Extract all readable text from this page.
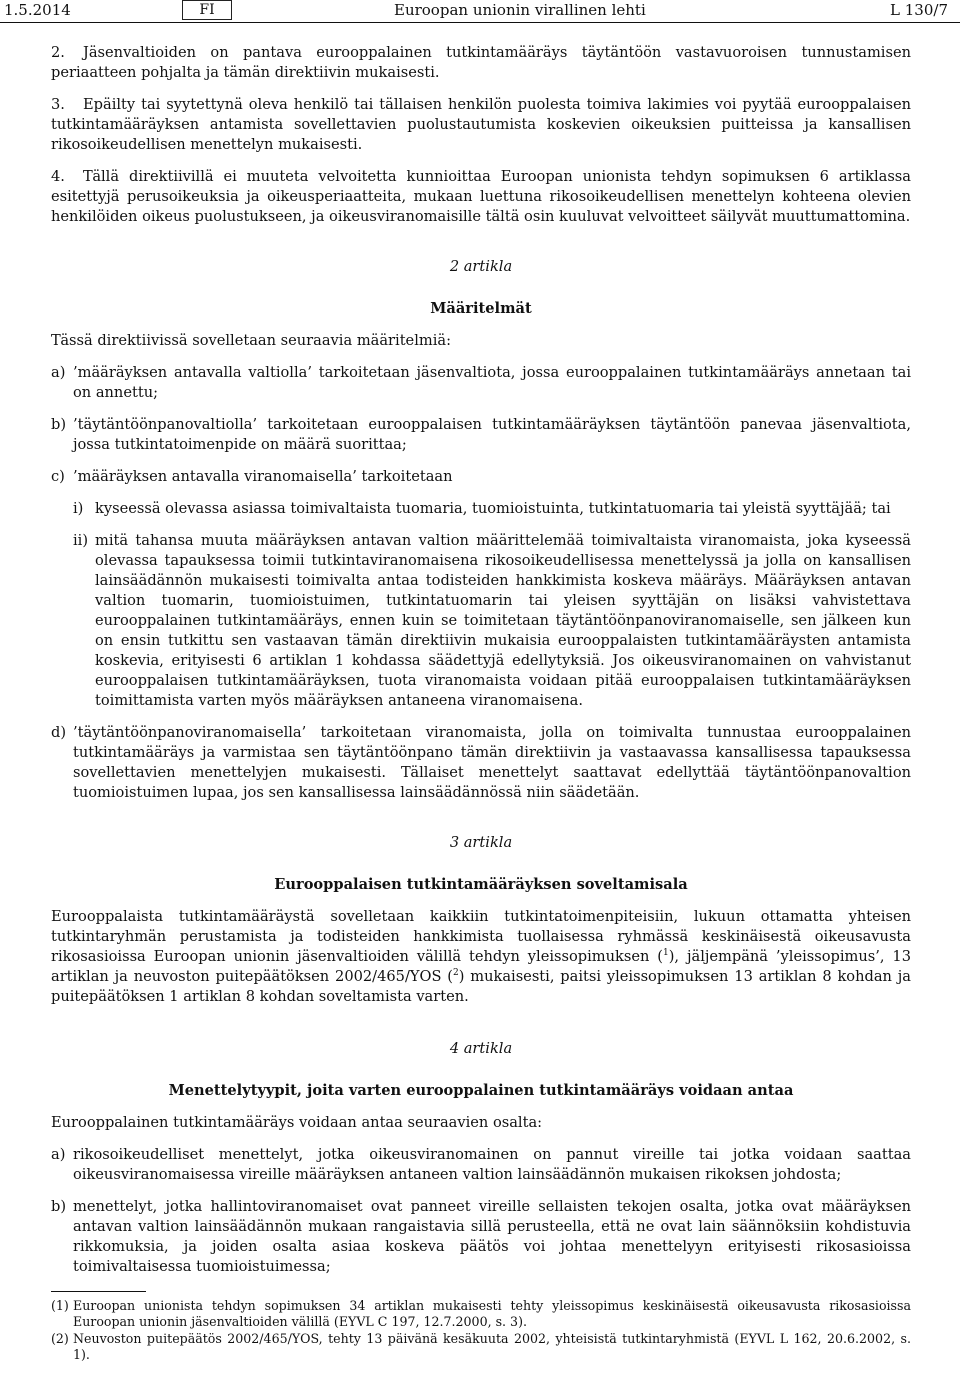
1.5.2014	FI	Euroopan unionin virallinen lehti	L 130/7

2. Jäsenvaltioiden on pantava eurooppalainen tutkintamääräys täytäntöön vastavuoroisen tunnustamisen periaatteen pohjalta ja tämän direktiivin mukaisesti.

3. Epäilty tai syytettynä oleva henkilö tai tällaisen henkilön puolesta toimiva lakimies voi pyytää eurooppalaisen tutkintamääräyksen antamista sovellettavien puolustautumista koskevien oikeuksien puitteissa ja kansallisen rikosoikeudellisen menettelyn mukaisesti.

4. Tällä direktiivillä ei muuteta velvoitetta kunnioittaa Euroopan unionista tehdyn sopimuksen 6 artiklassa esitettyjä perusoikeuksia ja oikeusperiaatteita, mukaan luettuna rikosoikeudellisen menettelyn kohteena olevien henkilöiden oikeus puolustukseen, ja oikeusviranomaisille tältä osin kuuluvat velvoitteet säilyvät muuttumattomina.

2 artikla

Määritelmät

Tässä direktiivissä sovelletaan seuraavia määritelmiä:

a) ’määräyksen antavalla valtiolla’ tarkoitetaan jäsenvaltiota, jossa eurooppalainen tutkintamääräys annetaan tai on annettu;
b) ’täytäntöönpanovaltiolla’ tarkoitetaan eurooppalaisen tutkintamääräyksen täytäntöön panevaa jäsenvaltiota, jossa tutkintatoimenpide on määrä suorittaa;
c) ’määräyksen antavalla viranomaisella’ tarkoitetaan
i) kyseessä olevassa asiassa toimivaltaista tuomaria, tuomioistuinta, tutkintatuomaria tai yleistä syyttäjää; tai
ii) mitä tahansa muuta määräyksen antavan valtion määrittelemää toimivaltaista viranomaista, joka kyseessä olevassa tapauksessa toimii tutkintaviranomaisena rikosoikeudellisessa menettelyssä ja jolla on kansallisen lainsäädännön mukaisesti toimivalta antaa todisteiden hankkimista koskeva määräys. Määräyksen antavan valtion tuomarin, tuomioistuimen, tutkintatuomarin tai yleisen syyttäjän on lisäksi vahvistettava eurooppalainen tutkintamääräys, ennen kuin se toimitetaan täytäntöönpanoviranomaiselle, sen jälkeen kun on ensin tutkittu sen vastaavan tämän direktiivin mukaisia eurooppalaisten tutkintamääräysten antamista koskevia, erityisesti 6 artiklan 1 kohdassa säädettyjä edellytyksiä. Jos oikeusviranomainen on vahvistanut eurooppalaisen tutkintamääräyksen, tuota viranomaista voidaan pitää eurooppalaisen tutkintamääräyksen toimittamista varten myös määräyksen antaneena viranomaisena.
d) ’täytäntöönpanoviranomaisella’ tarkoitetaan viranomaista, jolla on toimivalta tunnustaa eurooppalainen tutkintamääräys ja varmistaa sen täytäntöönpano tämän direktiivin ja vastaavassa kansallisessa tapauksessa sovellettavien menettelyjen mukaisesti. Tällaiset menettelyt saattavat edellyttää täytäntöönpanovaltion tuomioistuimen lupaa, jos sen kansallisessa lainsäädännössä niin säädetään.

3 artikla

Eurooppalaisen tutkintamääräyksen soveltamisala

Eurooppalaista tutkintamääräystä sovelletaan kaikkiin tutkintatoimenpiteisiin, lukuun ottamatta yhteisen tutkintaryhmän perustamista ja todisteiden hankkimista tuollaisessa ryhmässä keskinäisestä oikeusavusta rikosasioissa Euroopan unionin jäsenvaltioiden välillä tehdyn yleissopimuksen ($^1$), jäljempänä ’yleissopimus’, 13 artiklan ja neuvoston puitepäätöksen 2002/465/YOS ($^2$) mukaisesti, paitsi yleissopimuksen 13 artiklan 8 kohdan ja puitepäätöksen 1 artiklan 8 kohdan soveltamista varten.

4 artikla

Menettelytyypit, joita varten eurooppalainen tutkintamääräys voidaan antaa

Eurooppalainen tutkintamääräys voidaan antaa seuraavien osalta:

a) rikosoikeudelliset menettelyt, jotka oikeusviranomainen on pannut vireille tai jotka voidaan saattaa oikeusviranomaisessa vireille määräyksen antaneen valtion lainsäädännön mukaisen rikoksen johdosta;
b) menettelyt, jotka hallintoviranomaiset ovat panneet vireille sellaisten tekojen osalta, jotka ovat määräyksen antavan valtion lainsäädännön mukaan rangaistavia sillä perusteella, että ne ovat lain säännöksiin kohdistuvia rikkomuksia, ja joiden osalta asiaa koskeva päätös voi johtaa menettelyyn erityisesti rikosasioissa toimivaltaisessa tuomioistuimessa;
(1) Euroopan unionista tehdyn sopimuksen 34 artiklan mukaisesti tehty yleissopimus keskinäisestä oikeusavusta rikosasioissa Euroopan unionin jäsenvaltioiden välillä (EYVL C 197, 12.7.2000, s. 3).
(2) Neuvoston puitepäätös 2002/465/YOS, tehty 13 päivänä kesäkuuta 2002, yhteisistä tutkintaryhmistä (EYVL L 162, 20.6.2002, s. 1).
